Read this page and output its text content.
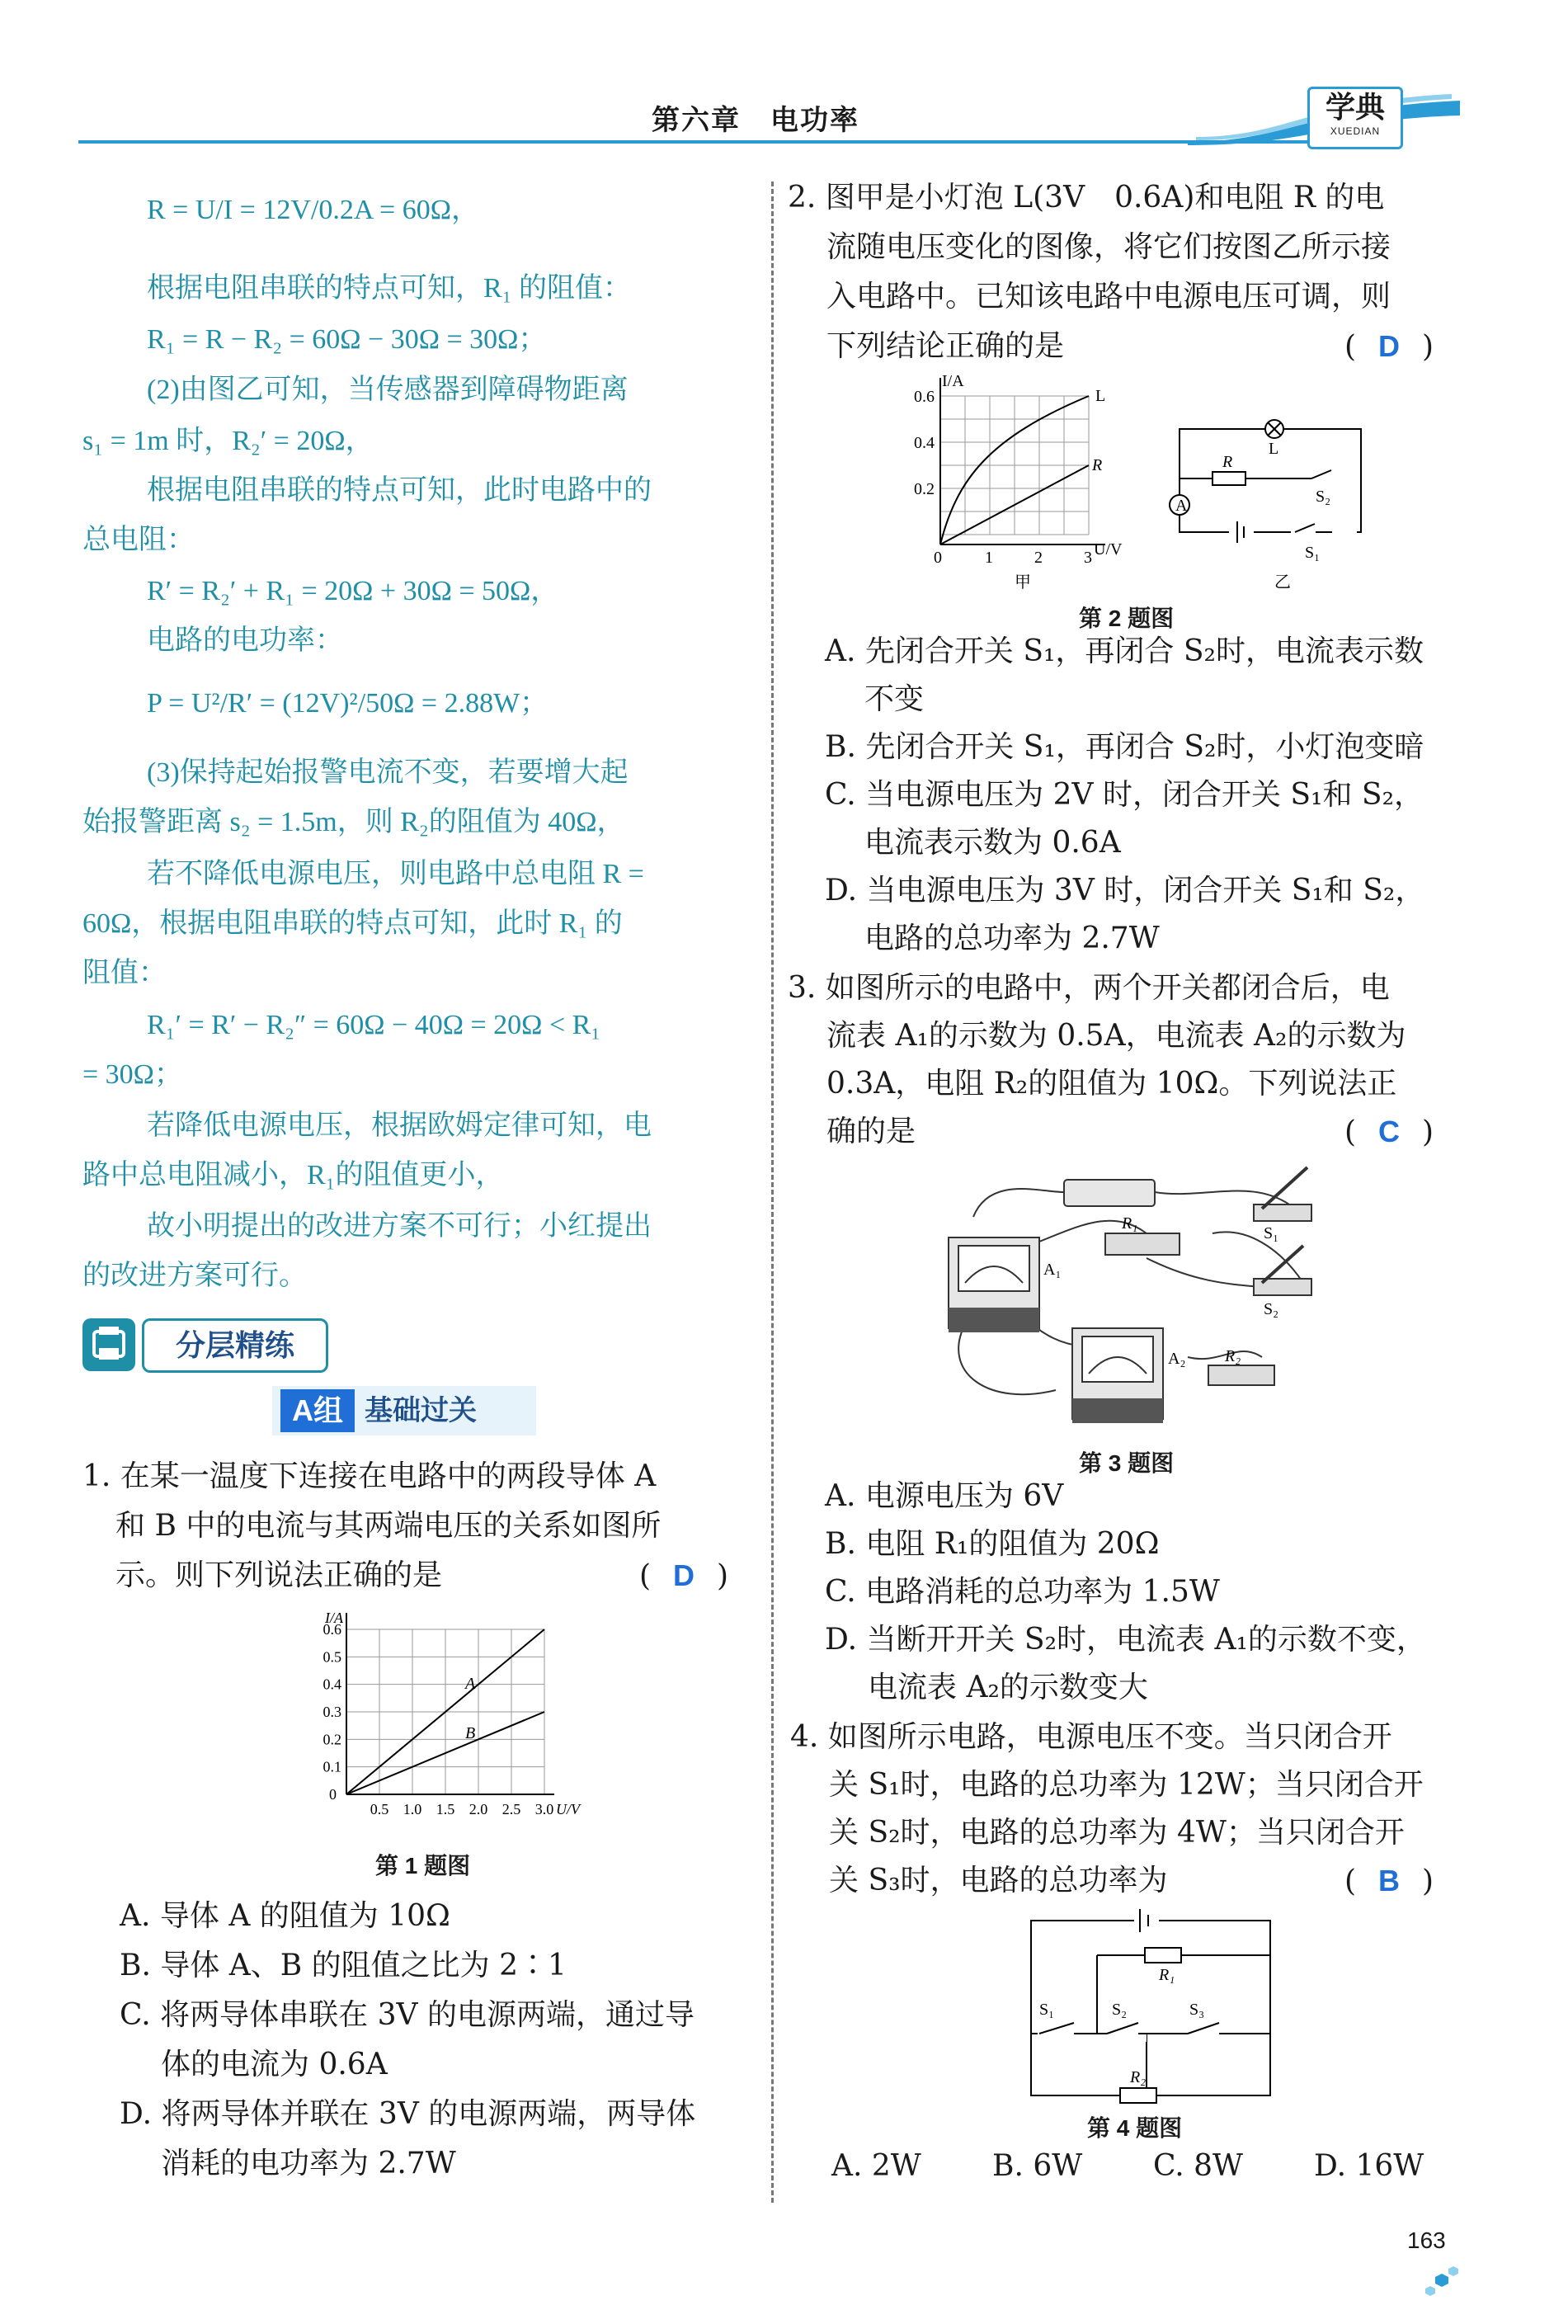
第六章　电功率	学典
XUEDIAN

R = U/I = 12V/0.2A = 60Ω，

根据电阻串联的特点可知，R₁ 的阻值：

R₁ = R − R₂ = 60Ω − 30Ω = 30Ω；

(2)由图乙可知，当传感器到障碍物距离

s₁ = 1m 时，R₂′ = 20Ω，

根据电阻串联的特点可知，此时电路中的

总电阻：

R′ = R₂′ + R₁ = 20Ω + 30Ω = 50Ω，

电路的电功率：

P = U²/R′ = (12V)²/50Ω = 2.88W；

(3)保持起始报警电流不变，若要增大起

始报警距离 s₂ = 1.5m，则 R₂的阻值为 40Ω，

若不降低电源电压，则电路中总电阻 R =

60Ω，根据电阻串联的特点可知，此时 R₁ 的

阻值：

R₁′ = R′ − R₂″ = 60Ω − 40Ω = 20Ω < R₁

= 30Ω；

若降低电源电压，根据欧姆定律可知，电

路中总电阻减小，R₁的阻值更小，

故小明提出的改进方案不可行；小红提出

的改进方案可行。

分层精练
A组 基础过关
1. 在某一温度下连接在电路中的两段导体 A
和 B 中的电流与其两端电压的关系如图所
示。则下列说法正确的是	( D )
0.1
0.2
0.3
0.4
0.5
0.6
0.5 1.0 1.5 2.0 2.5 3.0
0
I/A
U/V
A
B
第 1 题图
A. 导体 A 的阻值为 10Ω
B. 导体 A、B 的阻值之比为 2∶1
C. 将两导体串联在 3V 的电源两端，通过导
体的电流为 0.6A
D. 将两导体并联在 3V 的电源两端，两导体
消耗的电功率为 2.7W
2. 图甲是小灯泡 L(3V　0.6A)和电阻 R 的电
流随电压变化的图像，将它们按图乙所示接
入电路中。已知该电路中电源电压可调，则
下列结论正确的是	( D )
I/A
U/V
0.6
0.4
0.2
0	1	2	3
L
R
甲
A
L
R
S₂
S₁
乙
第 2 题图
A. 先闭合开关 S₁，再闭合 S₂时，电流表示数
不变
B. 先闭合开关 S₁，再闭合 S₂时，小灯泡变暗
C. 当电源电压为 2V 时，闭合开关 S₁和 S₂，
电流表示数为 0.6A
D. 当电源电压为 3V 时，闭合开关 S₁和 S₂，
电路的总功率为 2.7W
3. 如图所示的电路中，两个开关都闭合后，电
流表 A₁的示数为 0.5A，电流表 A₂的示数为
0.3A，电阻 R₂的阻值为 10Ω。下列说法正
确的是	( C )
A₁
A₂
R₁
R₂
S₁
S₂
第 3 题图
A. 电源电压为 6V
B. 电阻 R₁的阻值为 20Ω
C. 电路消耗的总功率为 1.5W
D. 当断开开关 S₂时，电流表 A₁的示数不变，
电流表 A₂的示数变大
4. 如图所示电路，电源电压不变。当只闭合开
关 S₁时，电路的总功率为 12W；当只闭合开
关 S₂时，电路的总功率为 4W；当只闭合开
关 S₃时，电路的总功率为	( B )
R₁
R₂
S₁	S₂	S₃
第 4 题图
A. 2W B. 6W C. 8W D. 16W
163
